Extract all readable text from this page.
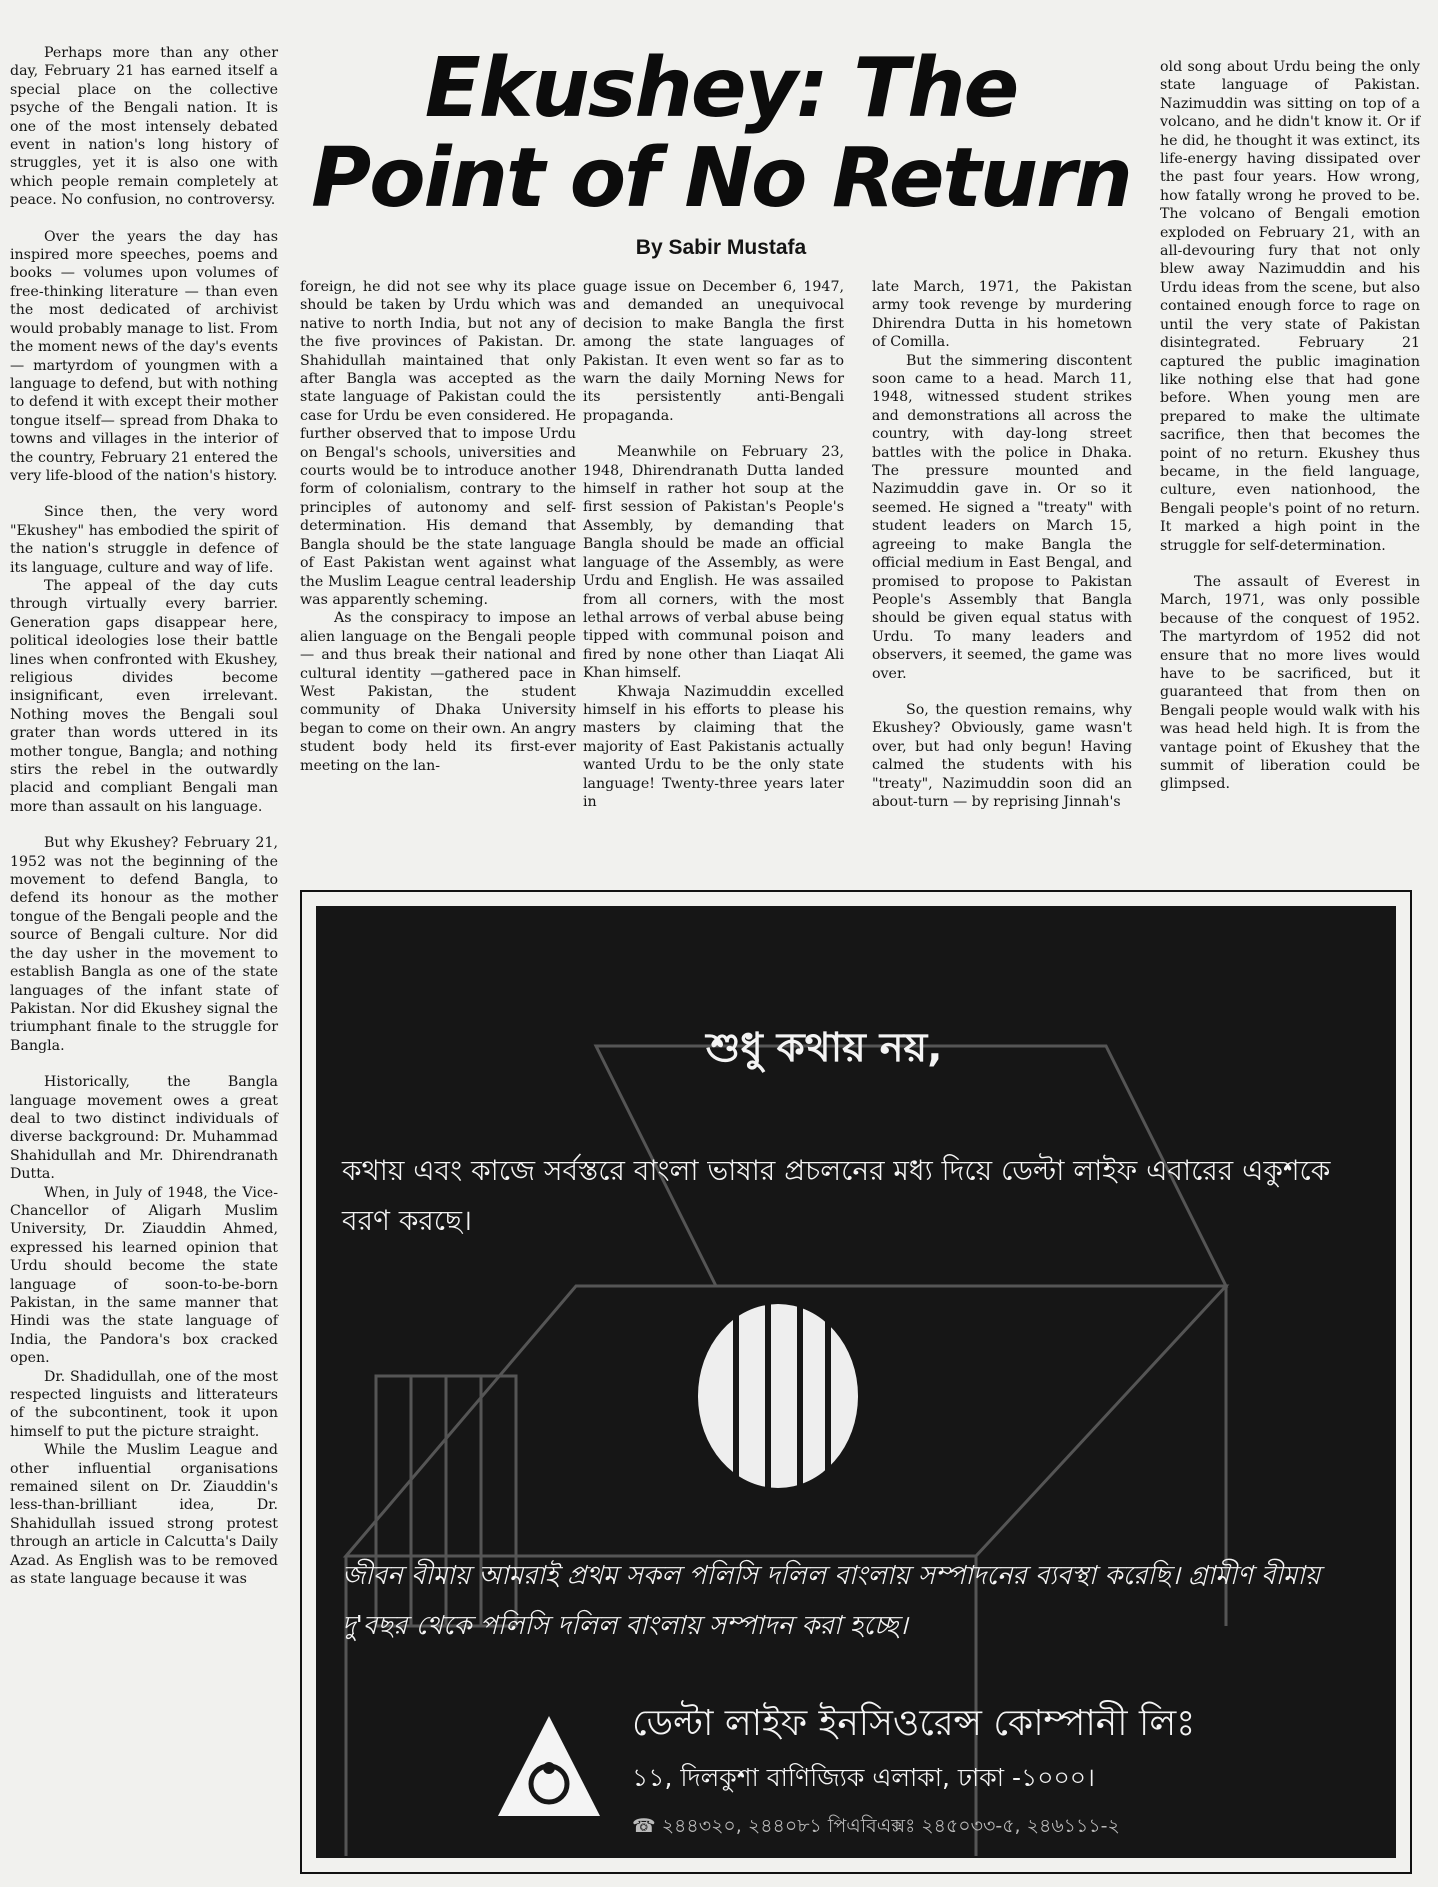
Ekushey: The Point of No Return

By Sabir Mustafa

Perhaps more than any other day, February 21 has earned itself a special place on the collective psyche of the Bengali nation. It is one of the most intensely debated event in nation's long history of struggles, yet it is also one with which people remain completely at peace. No confusion, no controversy.

Over the years the day has inspired more speeches, poems and books — volumes upon volumes of free-thinking literature — than even the most dedicated of archivist would probably manage to list. From the moment news of the day's events — martyrdom of youngmen with a language to defend, but with nothing to defend it with except their mother tongue itself— spread from Dhaka to towns and villages in the interior of the country, February 21 entered the very life-blood of the nation's history.

Since then, the very word "Ekushey" has embodied the spirit of the nation's struggle in defence of its language, culture and way of life.

The appeal of the day cuts through virtually every barrier. Generation gaps disappear here, political ideologies lose their battle lines when confronted with Ekushey, religious divides become insignificant, even irrelevant. Nothing moves the Bengali soul grater than words uttered in its mother tongue, Bangla; and nothing stirs the rebel in the outwardly placid and compliant Bengali man more than assault on his language.

But why Ekushey? February 21, 1952 was not the beginning of the movement to defend Bangla, to defend its honour as the mother tongue of the Bengali people and the source of Bengali culture. Nor did the day usher in the movement to establish Bangla as one of the state languages of the infant state of Pakistan. Nor did Ekushey signal the triumphant finale to the struggle for Bangla.

Historically, the Bangla language movement owes a great deal to two distinct individuals of diverse background: Dr. Muhammad Shahidullah and Mr. Dhirendranath Dutta.

When, in July of 1948, the Vice-Chancellor of Aligarh Muslim University, Dr. Ziauddin Ahmed, expressed his learned opinion that Urdu should become the state language of soon-to-be-born Pakistan, in the same manner that Hindi was the state language of India, the Pandora's box cracked open.

Dr. Shadidullah, one of the most respected linguists and litterateurs of the subcontinent, took it upon himself to put the picture straight.

While the Muslim League and other influential organisations remained silent on Dr. Ziauddin's less-than-brilliant idea, Dr. Shahidullah issued strong protest through an article in Calcutta's Daily Azad. As English was to be removed as state language because it was

foreign, he did not see why its place should be taken by Urdu which was native to north India, but not any of the five provinces of Pakistan. Dr. Shahidullah maintained that only after Bangla was accepted as the state language of Pakistan could the case for Urdu be even considered. He further observed that to impose Urdu on Bengal's schools, universities and courts would be to introduce another form of colonialism, contrary to the principles of autonomy and self-determination. His demand that Bangla should be the state language of East Pakistan went against what the Muslim League central leadership was apparently scheming.

As the conspiracy to impose an alien language on the Bengali people— and thus break their national and cultural identity —gathered pace in West Pakistan, the student community of Dhaka University began to come on their own. An angry student body held its first-ever meeting on the lan-

guage issue on December 6, 1947, and demanded an unequivocal decision to make Bangla the first among the state languages of Pakistan. It even went so far as to warn the daily Morning News for its persistently anti-Bengali propaganda.

Meanwhile on February 23, 1948, Dhirendranath Dutta landed himself in rather hot soup at the first session of Pakistan's People's Assembly, by demanding that Bangla should be made an official language of the Assembly, as were Urdu and English. He was assailed from all corners, with the most lethal arrows of verbal abuse being tipped with communal poison and fired by none other than Liaqat Ali Khan himself.

Khwaja Nazimuddin excelled himself in his efforts to please his masters by claiming that the majority of East Pakistanis actually wanted Urdu to be the only state language! Twenty-three years later in

late March, 1971, the Pakistan army took revenge by murdering Dhirendra Dutta in his hometown of Comilla.

But the simmering discontent soon came to a head. March 11, 1948, witnessed student strikes and demonstrations all across the country, with day-long street battles with the police in Dhaka. The pressure mounted and Nazimuddin gave in. Or so it seemed. He signed a "treaty" with student leaders on March 15, agreeing to make Bangla the official medium in East Bengal, and promised to propose to Pakistan People's Assembly that Bangla should be given equal status with Urdu. To many leaders and observers, it seemed, the game was over.

So, the question remains, why Ekushey? Obviously, game wasn't over, but had only begun! Having calmed the students with his "treaty", Nazimuddin soon did an about-turn — by reprising Jinnah's

old song about Urdu being the only state language of Pakistan. Nazimuddin was sitting on top of a volcano, and he didn't know it. Or if he did, he thought it was extinct, its life-energy having dissipated over the past four years. How wrong, how fatally wrong he proved to be. The volcano of Bengali emotion exploded on February 21, with an all-devouring fury that not only blew away Nazimuddin and his Urdu ideas from the scene, but also contained enough force to rage on until the very state of Pakistan disintegrated. February 21 captured the public imagination like nothing else that had gone before. When young men are prepared to make the ultimate sacrifice, then that becomes the point of no return. Ekushey thus became, in the field language, culture, even nationhood, the Bengali people's point of no return. It marked a high point in the struggle for self-determination.

The assault of Everest in March, 1971, was only possible because of the conquest of 1952. The martyrdom of 1952 did not ensure that no more lives would have to be sacrificed, but it guaranteed that from then on Bengali people would walk with his was head held high. It is from the vantage point of Ekushey that the summit of liberation could be glimpsed.

শুধু কথায় নয়,

কথায় এবং কাজে সর্বস্তরে বাংলা ভাষার প্রচলনের মধ্য দিয়ে ডেল্টা লাইফ এবারের একুশকে বরণ করছে।

জীবন বীমায় আমরাই প্রথম সকল পলিসি দলিল বাংলায় সম্পাদনের ব্যবস্থা করেছি। গ্রামীণ বীমায় দু'বছর থেকে পলিসি দলিল বাংলায় সম্পাদন করা হচ্ছে।

ডেল্টা লাইফ ইনসিওরেন্স কোম্পানী লিঃ

১১, দিলকুশা বাণিজ্যিক এলাকা, ঢাকা -১০০০।

☎ ২৪৪৩২০, ২৪৪০৮১ পিএবিএক্সঃ ২৪৫০৩৩-৫, ২৪৬১১১-২
